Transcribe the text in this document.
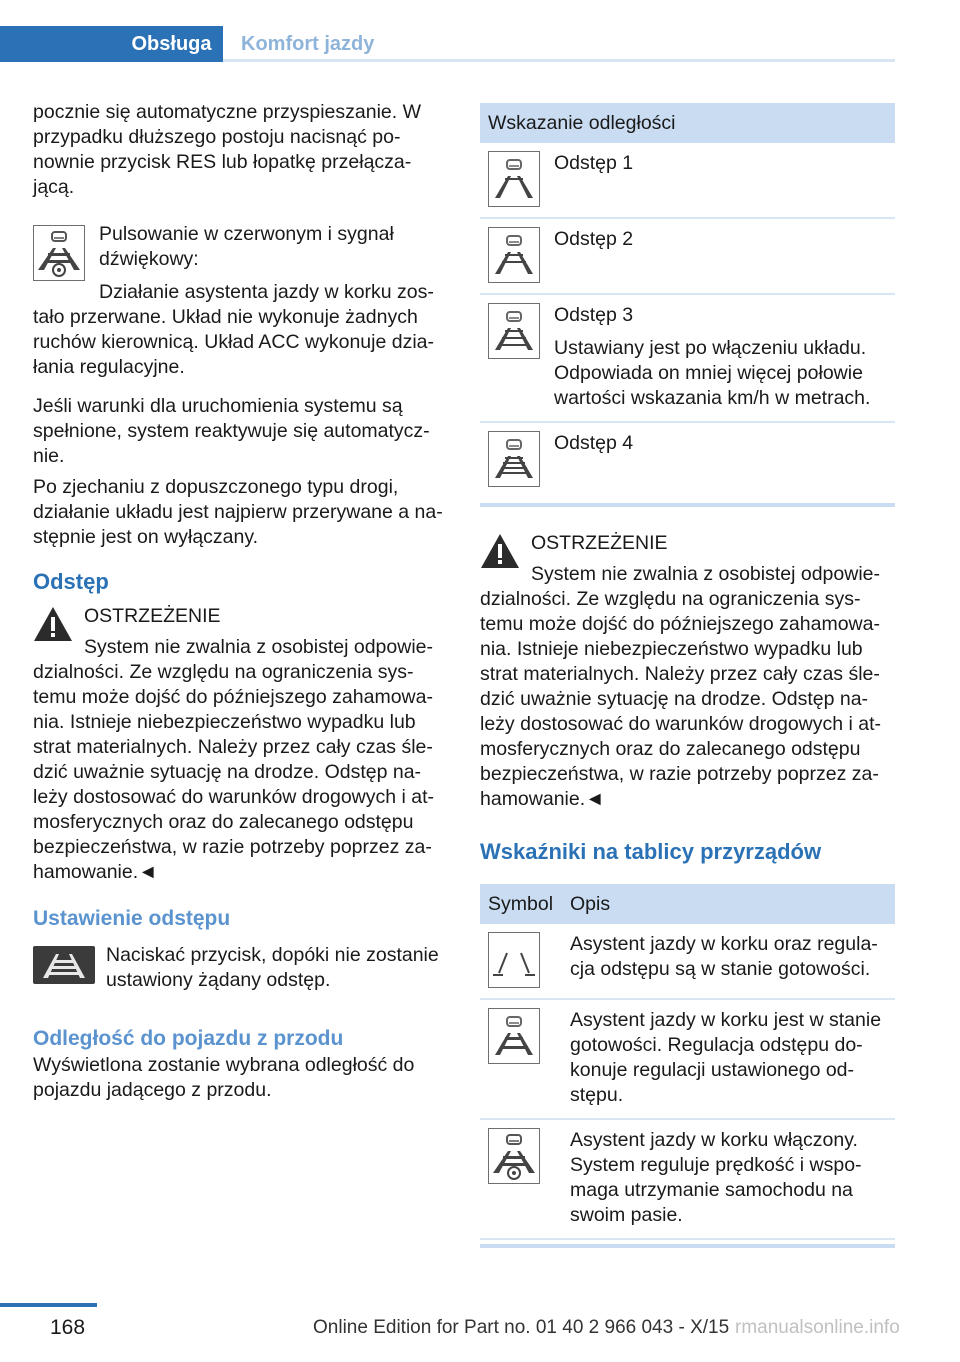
Obsługa	Komfort jazdy

pocznie się automatyczne przyspieszanie. W przypadku dłuższego postoju nacisnąć po-nownie przycisk RES lub łopatkę przełącza-jącą.

Pulsowanie w czerwonym i sygnał dźwiękowy:

Działanie asystenta jazdy w korku zos-tało przerwane. Układ nie wykonuje żadnych ruchów kierownicą. Układ ACC wykonuje dzia-łania regulacyjne.

Jeśli warunki dla uruchomienia systemu są spełnione, system reaktywuje się automatycz-nie.

Po zjechaniu z dopuszczonego typu drogi, działanie układu jest najpierw przerywane a na-stępnie jest on wyłączany.

Odstęp

OSTRZEŻENIE

System nie zwalnia z osobistej odpowie-dzialności. Ze względu na ograniczenia sys-temu może dojść do późniejszego zahamowa-nia. Istnieje niebezpieczeństwo wypadku lub strat materialnych. Należy przez cały czas śle-dzić uważnie sytuację na drodze. Odstęp na-leży dostosować do warunków drogowych i at-mosferycznych oraz do zalecanego odstępu bezpieczeństwa, w razie potrzeby poprzez za-hamowanie.◄

Ustawienie odstępu

Naciskać przycisk, dopóki nie zostanie ustawiony żądany odstęp.

Odległość do pojazdu z przodu

Wyświetlona zostanie wybrana odległość do pojazdu jadącego z przodu.

Wskazanie odległości	

Odstęp 1

Odstęp 2

Odstęp 3

Ustawiany jest po włączeniu układu. Odpowiada on mniej więcej połowie wartości wskazania km/h w metrach.

Odstęp 4

OSTRZEŻENIE

System nie zwalnia z osobistej odpowie-dzialności. Ze względu na ograniczenia sys-temu może dojść do późniejszego zahamowa-nia. Istnieje niebezpieczeństwo wypadku lub strat materialnych. Należy przez cały czas śle-dzić uważnie sytuację na drodze. Odstęp na-leży dostosować do warunków drogowych i at-mosferycznych oraz do zalecanego odstępu bezpieczeństwa, w razie potrzeby poprzez za-hamowanie.◄

Wskaźniki na tablicy przyrządów
Symbol	Opis

Asystent jazdy w korku oraz regula-cja odstępu są w stanie gotowości.

Asystent jazdy w korku jest w stanie gotowości. Regulacja odstępu do-konuje regulacji ustawionego od-stępu.

Asystent jazdy w korku włączony. System reguluje prędkość i wspo-maga utrzymanie samochodu na swoim pasie.

168	Online Edition for Part no. 01 40 2 966 043 - X/15 rmanualsonline.info
